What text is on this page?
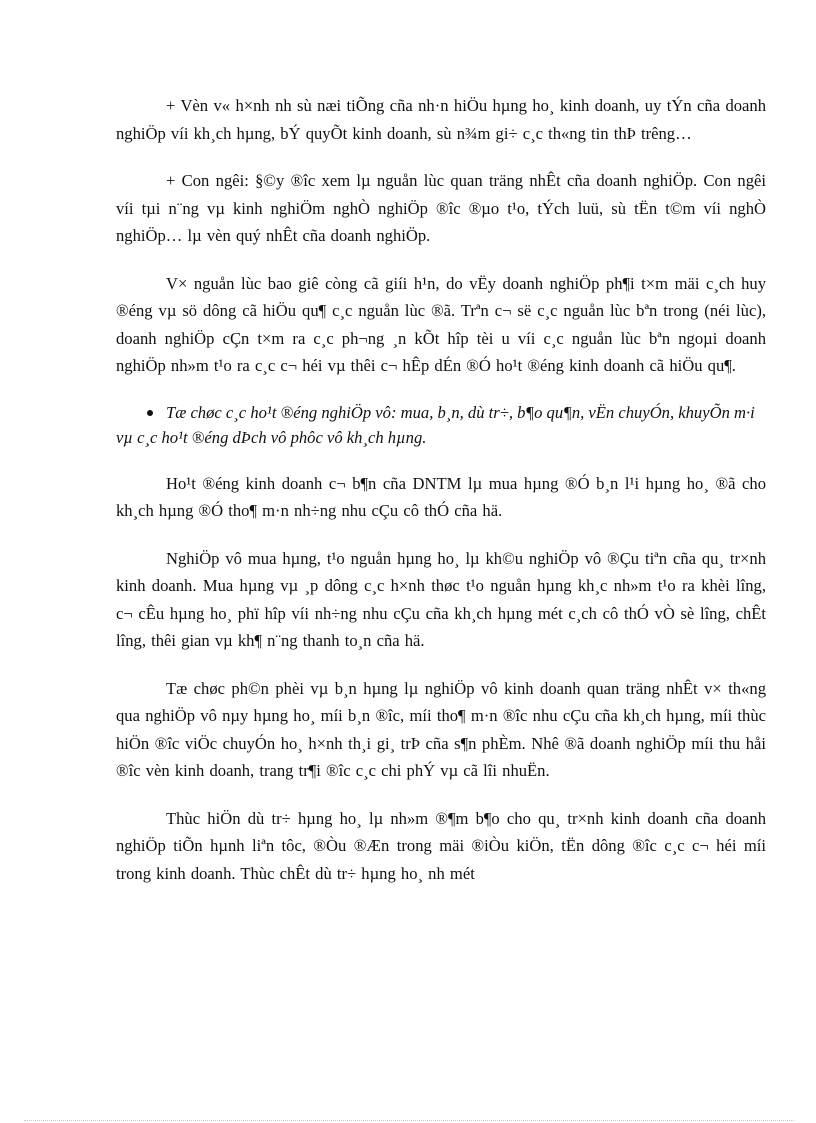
+ Vèn v« h×nh nh sù næi tiÕng cña nh·n hiÖu hµng ho¸ kinh doanh, uy tÝn cña doanh nghiÖp víi kh¸ch hµng, bÝ quyÕt kinh doanh, sù n¾m gi÷ c¸c th«ng tin thÞ trêng…

+ Con ngêi: §©y ®îc xem lµ nguån lùc quan träng nhÊt cña doanh nghiÖp. Con ngêi víi tµi n¨ng vµ kinh nghiÖm nghÒ nghiÖp ®îc ®µo t¹o, tÝch luü, sù tËn t©m víi nghÒ nghiÖp… lµ vèn quý nhÊt cña doanh nghiÖp.

V× nguån lùc bao giê còng cã giíi h¹n, do vËy doanh nghiÖp ph¶i t×m mäi c¸ch huy ®éng vµ sö dông cã hiÖu qu¶ c¸c nguån lùc ®ã. Trªn c¬ së c¸c nguån lùc bªn trong (néi lùc), doanh nghiÖp cÇn t×m ra c¸c ph¬ng ¸n kÕt hîp tèi u víi c¸c nguån lùc bªn ngoµi doanh nghiÖp nh»m t¹o ra c¸c c¬ héi vµ thêi c¬ hÊp dÉn ®Ó ho¹t ®éng kinh doanh cã hiÖu qu¶.

Tæ chøc c¸c ho¹t ®éng nghiÖp vô: mua, b¸n, dù tr÷, b¶o qu¶n, vËn chuyÓn, khuyÕn m·i vµ c¸c ho¹t ®éng dÞch vô phôc vô kh¸ch hµng.

Ho¹t ®éng kinh doanh c¬ b¶n cña DNTM lµ mua hµng ®Ó b¸n l¹i hµng ho¸ ®ã cho kh¸ch hµng ®Ó tho¶ m·n nh÷ng nhu cÇu cô thÓ cña hä.

NghiÖp vô mua hµng, t¹o nguån hµng ho¸ lµ kh©u nghiÖp vô ®Çu tiªn cña qu¸ tr×nh kinh doanh. Mua hµng vµ ¸p dông c¸c h×nh thøc t¹o nguån hµng kh¸c nh»m t¹o ra khèi lîng, c¬ cÊu hµng ho¸ phï hîp víi nh÷ng nhu cÇu cña kh¸ch hµng mét c¸ch cô thÓ vÒ sè lîng, chÊt lîng, thêi gian vµ kh¶ n¨ng thanh to¸n cña hä.

Tæ chøc ph©n phèi vµ b¸n hµng lµ nghiÖp vô kinh doanh quan träng nhÊt v× th«ng qua nghiÖp vô nµy hµng ho¸ míi b¸n ®îc, míi tho¶ m·n ®îc nhu cÇu cña kh¸ch hµng, míi thùc hiÖn ®îc viÖc chuyÓn ho¸ h×nh th¸i gi¸ trÞ cña s¶n phÈm. Nhê ®ã doanh nghiÖp míi thu håi ®îc vèn kinh doanh, trang tr¶i ®îc c¸c chi phÝ vµ cã lîi nhuËn.

Thùc hiÖn dù tr÷ hµng ho¸ lµ nh»m ®¶m b¶o cho qu¸ tr×nh kinh doanh cña doanh nghiÖp tiÕn hµnh liªn tôc, ®Òu ®Æn trong mäi ®iÒu kiÖn, tËn dông ®îc c¸c c¬ héi míi trong kinh doanh. Thùc chÊt dù tr÷ hµng ho¸ nh mét
